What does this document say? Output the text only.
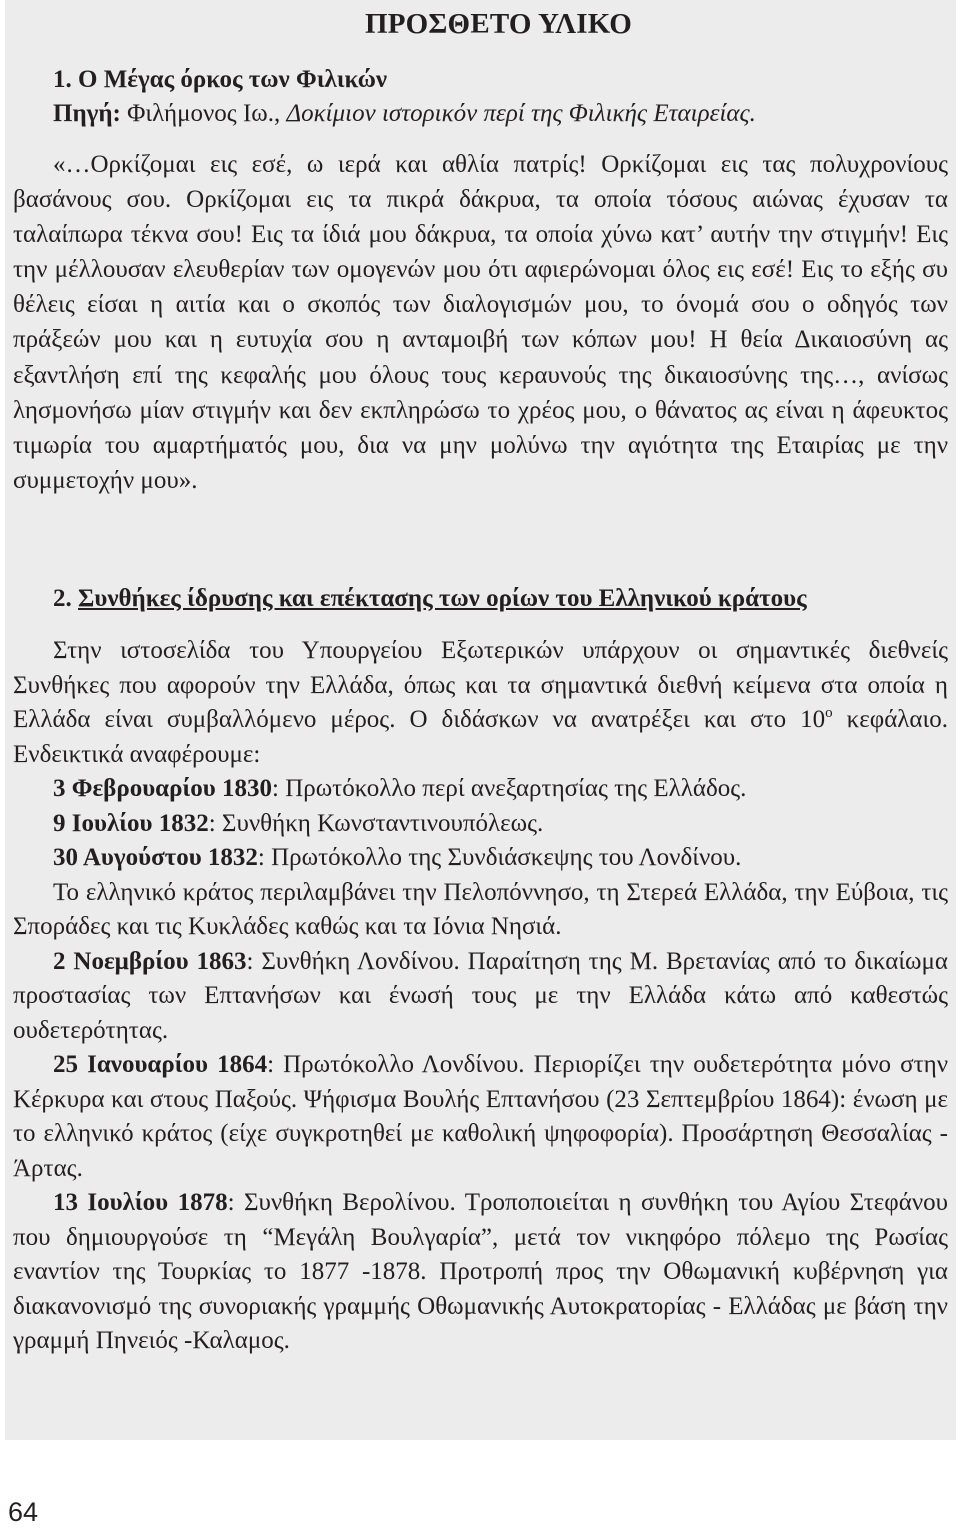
ΠΡΟΣΘΕΤΟ ΥΛΙΚΟ
1. Ο Μέγας όρκος των Φιλικών
Πηγή: Φιλήμονος Ιω., Δοκίμιον ιστορικόν περί της Φιλικής Εταιρείας.

«…Ορκίζομαι εις εσέ, ω ιερά και αθλία πατρίς! Ορκίζομαι εις τας πολυχρονίους βασάνους σου. Ορκίζομαι εις τα πικρά δάκρυα, τα οποία τόσους αιώνας έχυσαν τα ταλαίπωρα τέκνα σου! Εις τα ίδιά μου δάκρυα, τα οποία χύνω κατ’ αυτήν την στιγμήν! Εις την μέλλουσαν ελευθερίαν των ομογενών μου ότι αφιερώνομαι όλος εις εσέ! Εις το εξής συ θέλεις είσαι η αιτία και ο σκοπός των διαλογισμών μου, το όνομά σου ο οδηγός των πράξεών μου και η ευτυχία σου η ανταμοιβή των κόπων μου! Η θεία Δικαιοσύνη ας εξαντλήση επί της κεφαλής μου όλους τους κεραυνούς της δικαιοσύνης της…, ανίσως λησμονήσω μίαν στιγμήν και δεν εκπληρώσω το χρέος μου, ο θάνατος ας είναι η άφευκτος τιμωρία του αμαρτήματός μου, δια να μην μολύνω την αγιότητα της Εταιρίας με την συμμετοχήν μου».

2. Συνθήκες ίδρυσης και επέκτασης των ορίων του Ελληνικού κράτους

Στην ιστοσελίδα του Υπουργείου Εξωτερικών υπάρχουν οι σημαντικές διεθνείς Συνθήκες που αφορούν την Ελλάδα, όπως και τα σημαντικά διεθνή κείμενα στα οποία η Ελλάδα είναι συμβαλλόμενο μέρος. Ο διδάσκων να ανατρέξει και στο $10^o$ κεφάλαιο. Ενδεικτικά αναφέρουμε:

3 Φεβρουαρίου 1830: Πρωτόκολλο περί ανεξαρτησίας της Ελλάδος.

9 Ιουλίου 1832: Συνθήκη Κωνσταντινουπόλεως.

30 Αυγούστου 1832: Πρωτόκολλο της Συνδιάσκεψης του Λονδίνου.

Το ελληνικό κράτος περιλαμβάνει την Πελοπόννησο, τη Στερεά Ελλάδα, την Εύβοια, τις Σποράδες και τις Κυκλάδες καθώς και τα Ιόνια Νησιά.

2 Νοεμβρίου 1863: Συνθήκη Λονδίνου. Παραίτηση της Μ. Βρετανίας από το δικαίωμα προστασίας των Επτανήσων και ένωσή τους με την Ελλάδα κάτω από καθεστώς ουδετερότητας.

25 Ιανουαρίου 1864: Πρωτόκολλο Λονδίνου. Περιορίζει την ουδετερότητα μόνο στην Κέρκυρα και στους Παξούς. Ψήφισμα Βουλής Επτανήσου (23 Σεπτεμβρίου 1864): ένωση με το ελληνικό κράτος (είχε συγκροτηθεί με καθολική ψηφοφορία). Προσάρτηση Θεσσαλίας - Άρτας.

13 Ιουλίου 1878: Συνθήκη Βερολίνου. Τροποποιείται η συνθήκη του Αγίου Στεφάνου που δημιουργούσε τη “Μεγάλη Βουλγαρία”, μετά τον νικηφόρο πόλεμο της Ρωσίας εναντίον της Τουρκίας το 1877 -1878. Προτροπή προς την Οθωμανική κυβέρνηση για διακανονισμό της συνοριακής γραμμής Οθωμανικής Αυτοκρατορίας - Ελλάδας με βάση την γραμμή Πηνειός -Καλαμος.

64
